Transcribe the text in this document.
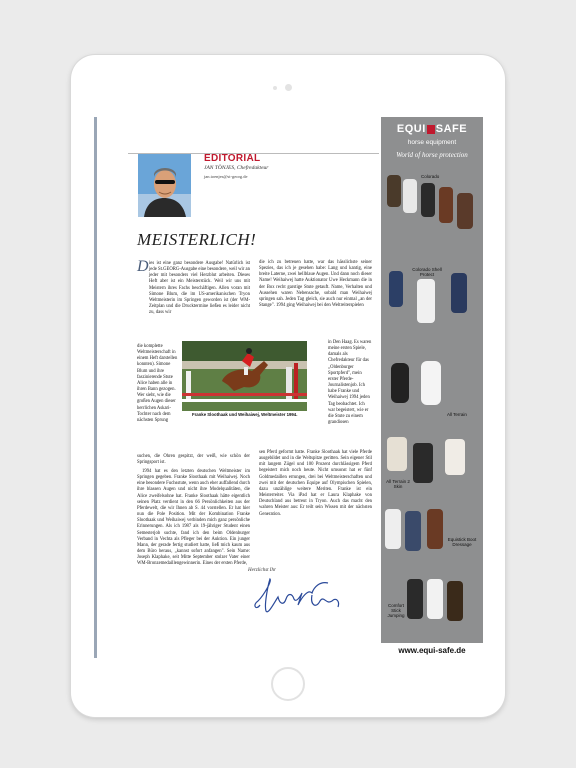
EDITORIAL
JAN TÖNJES, Chefredakteur
jan.toenjes@st-georg.de
MEISTERLICH!
D ies ist eine ganz besondere Ausgabe! Natürlich ist jede St.GEORG-Ausgabe eine besondere, weil wir an jeder mit besonders viel Herzblut arbeiten. Dieses Heft aber ist ein Meisterstück. Weil wir uns mit Meistern ihres Fachs beschäftigen. Allen voran mit Simone Blum, die im US-amerikanischen Tryon Weltmeisterin im Springen geworden ist (der WM-Zeitplan und die Drucktermine ließen es leider nicht zu, dass wir
die komplette Weltmeisterschaft in einem Heft darstellen konnten). Simone Blum und ihre faszinierende Stute Alice haben alle in ihren Bann gezogen. Wer sieht, wie die großen Augen dieser herrlichen Askari-Tochter nach dem nächsten Sprung
suchen, die Ohren gespitzt, der weiß, wie schön der Springsport ist.
1994 hat es den letzten deutschen Weltmeister im Springen gegeben. Franke Sloothaak mit Weihaiwej. Noch eine besondere Fuchsstute, wenn auch eher auffallend durch ihre blassen Augen und nicht ihre Modelqualitäten, die Alice zweifelsohne hat. Franke Sloothaak hätte eigentlich seinen Platz verdient in den 66 Persönlichkeiten aus der Pferdewelt, die wir Ihnen ab S. 44 vorstellen. Er hat hier nun die Pole Position. Mit der Kombination Franke Sloothaak und Weihaiwej verbinden mich ganz persönliche Erinnerungen. Als ich 1987 als 19-jähriger Student einen Semesterjob suchte, fand ich den beim Oldenburger Verband in Vechta als Pfleger bei der Auktion. Ein junger Mann, der gerade fertig studiert hatte, ließ mich kaum aus dem Büro heraus, „kannst sofort anfangen". Sein Name: Joseph Klaphake, seit Mitte September stolzer Vater einer WM-Bronzemedaillengewinnerin. Eines der ersten Pferde,
Franke Sloothaak und Weihaiwej, Weltmeister 1994.
die ich zu betreuen hatte, war das hässlichste seiner Spezies, das ich je gesehen habe: Lang und kantig, eine breite Laterne, zwei hellblaue Augen. Und dann noch dieser Name! Weihaiwej hatte Auktionator Uwe Heckmann die in der Box recht garstige Stute getauft. Name, Verhalten und Aussehen waren Nebensache, sobald man Weihaiwej springen sah. Jeden Tag gleich, sie auch nur einmal „an der Stange". 1994 ging Weihaiwej bei den Weltreiterspielen
in Den Haag. Es waren meine ersten Spiele, damals als Chefredakteur für das „Oldenburger Sportpferd", mein erster Pferde-Journalistenjob. Ich habe Franke und Weihaiwej 1994 jeden Tag beobachtet. Ich war begeistert, wie er die Stute zu einem grandiosen
sen Pferd geformt hatte. Franke Sloothaak hat viele Pferde ausgebildet und in die Weltspitze geritten. Sein eigener Stil mit langem Zügel und 100 Prozent durchlässigem Pferd begeistert mich noch heute. Nicht umsonst hat er fünf Goldmedaillen errungen, drei bei Weltmeisterschaften und zwei mit der deutschen Equipe auf Olympischen Spielen, dazu unzählige weitere Meriten. Franke ist ein Meisterreiter. Via iPad hat er Laura Klaphake von Deutschland aus betreut in Tryon. Auch das macht den wahren Meister aus: Er teilt sein Wissen mit der nächsten Generation.
Herzlichst Ihr
EQUI SAFE
horse equipment
World of horse protection
Colorado
Colorado Shell Protect
All Terrain
All Terrain 2 Skin
Equistick Boot Dressage
Comfort Stick Jumping
www.equi-safe.de
